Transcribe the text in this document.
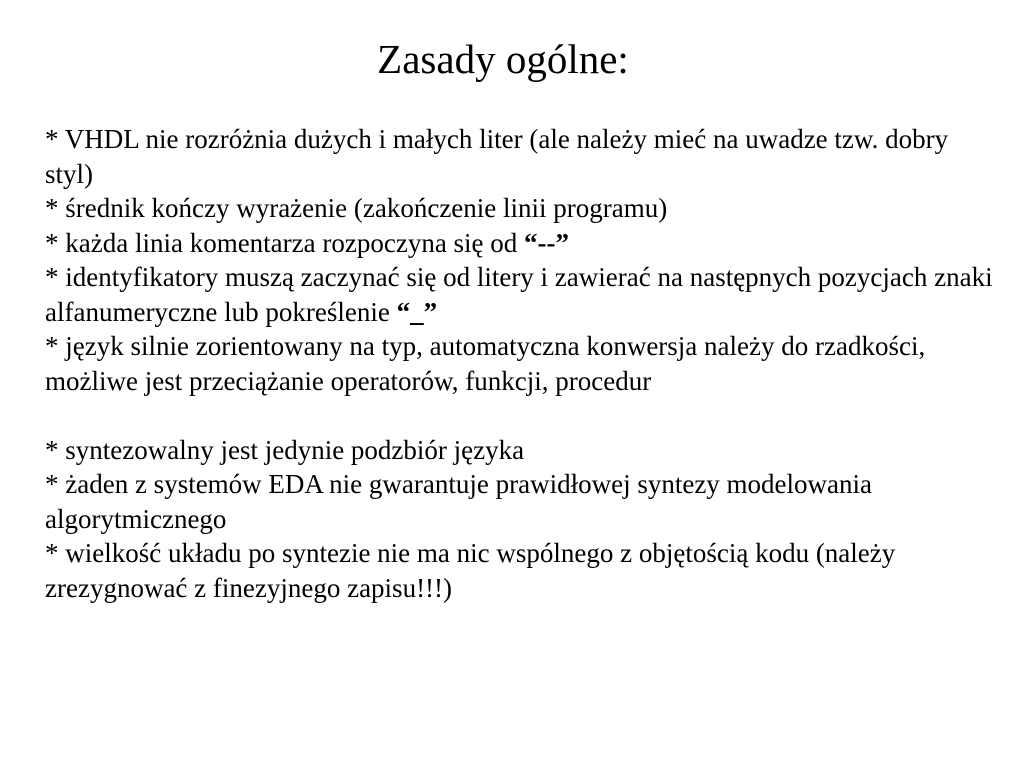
Zasady ogólne:

* VHDL nie rozróżnia dużych i małych liter (ale należy mieć na uwadze tzw. dobry styl)

* średnik kończy wyrażenie (zakończenie linii programu)

* każda linia komentarza rozpoczyna się od “--”

* identyfikatory muszą zaczynać się od litery i zawierać na następnych pozycjach znaki alfanumeryczne lub pokreślenie “_”

* język silnie zorientowany na typ, automatyczna konwersja należy do rzadkości, możliwe jest przeciążanie operatorów, funkcji, procedur

* syntezowalny jest jedynie podzbiór języka

* żaden z systemów EDA nie gwarantuje prawidłowej syntezy modelowania algorytmicznego

* wielkość układu po syntezie nie ma nic wspólnego z objętością kodu (należy zrezygnować z finezyjnego zapisu!!!)
